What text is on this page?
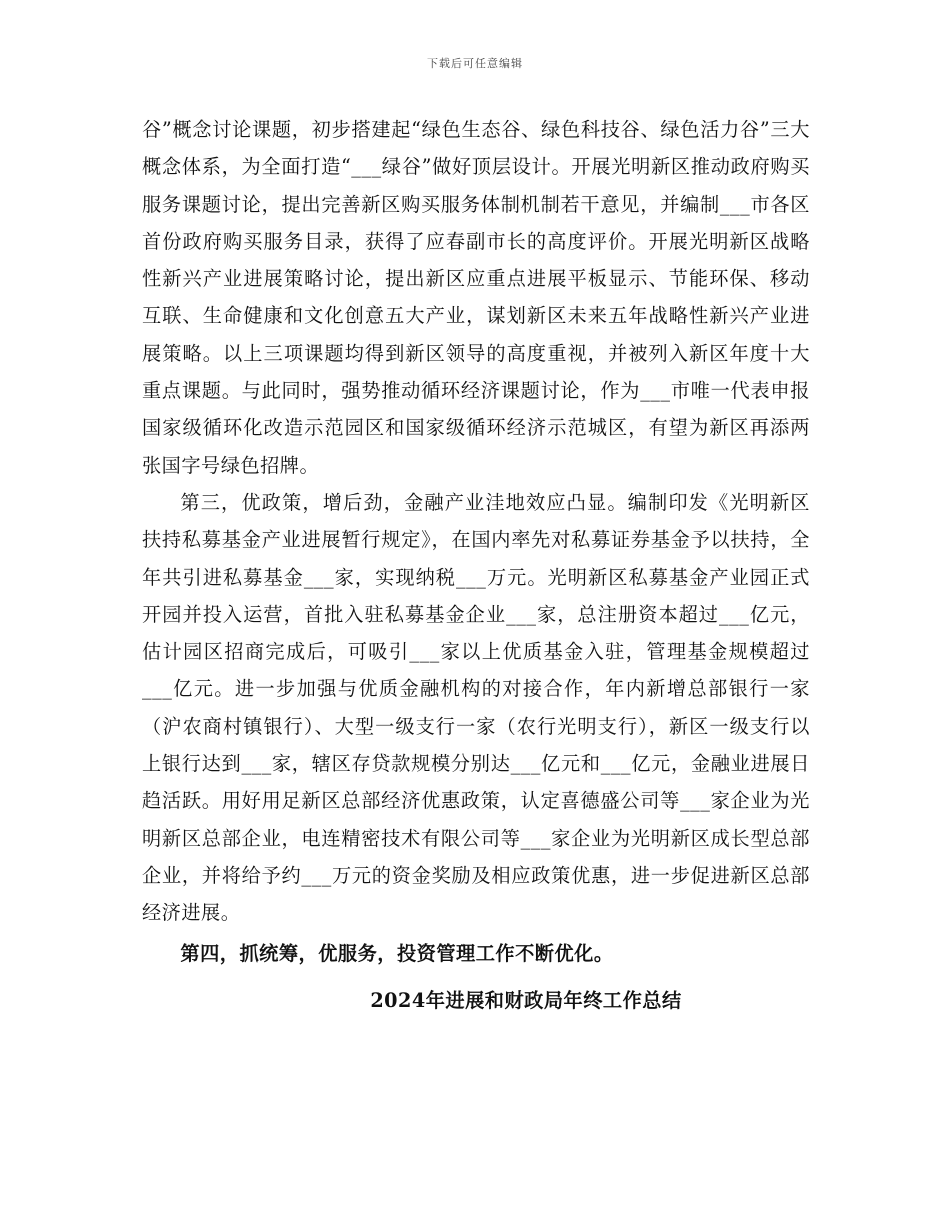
下载后可任意编辑

谷”概念讨论课题，初步搭建起“绿色生态谷、绿色科技谷、绿色活力谷”三大概念体系，为全面打造“___绿谷”做好顶层设计。开展光明新区推动政府购买服务课题讨论，提出完善新区购买服务体制机制若干意见，并编制___市各区首份政府购买服务目录，获得了应春副市长的高度评价。开展光明新区战略性新兴产业进展策略讨论，提出新区应重点进展平板显示、节能环保、移动互联、生命健康和文化创意五大产业，谋划新区未来五年战略性新兴产业进展策略。以上三项课题均得到新区领导的高度重视，并被列入新区年度十大重点课题。与此同时，强势推动循环经济课题讨论，作为___市唯一代表申报国家级循环化改造示范园区和国家级循环经济示范城区，有望为新区再添两张国字号绿色招牌。

第三，优政策，增后劲，金融产业洼地效应凸显。编制印发《光明新区扶持私募基金产业进展暂行规定》，在国内率先对私募证券基金予以扶持，全年共引进私募基金___家，实现纳税___万元。光明新区私募基金产业园正式开园并投入运营，首批入驻私募基金企业___家，总注册资本超过___亿元，估计园区招商完成后，可吸引___家以上优质基金入驻，管理基金规模超过___亿元。进一步加强与优质金融机构的对接合作，年内新增总部银行一家（沪农商村镇银行）、大型一级支行一家（农行光明支行），新区一级支行以上银行达到___家，辖区存贷款规模分别达___亿元和___亿元，金融业进展日趋活跃。用好用足新区总部经济优惠政策，认定喜德盛公司等___家企业为光明新区总部企业，电连精密技术有限公司等___家企业为光明新区成长型总部企业，并将给予约___万元的资金奖励及相应政策优惠，进一步促进新区总部经济进展。

第四，抓统筹，优服务，投资管理工作不断优化。

2024年进展和财政局年终工作总结
